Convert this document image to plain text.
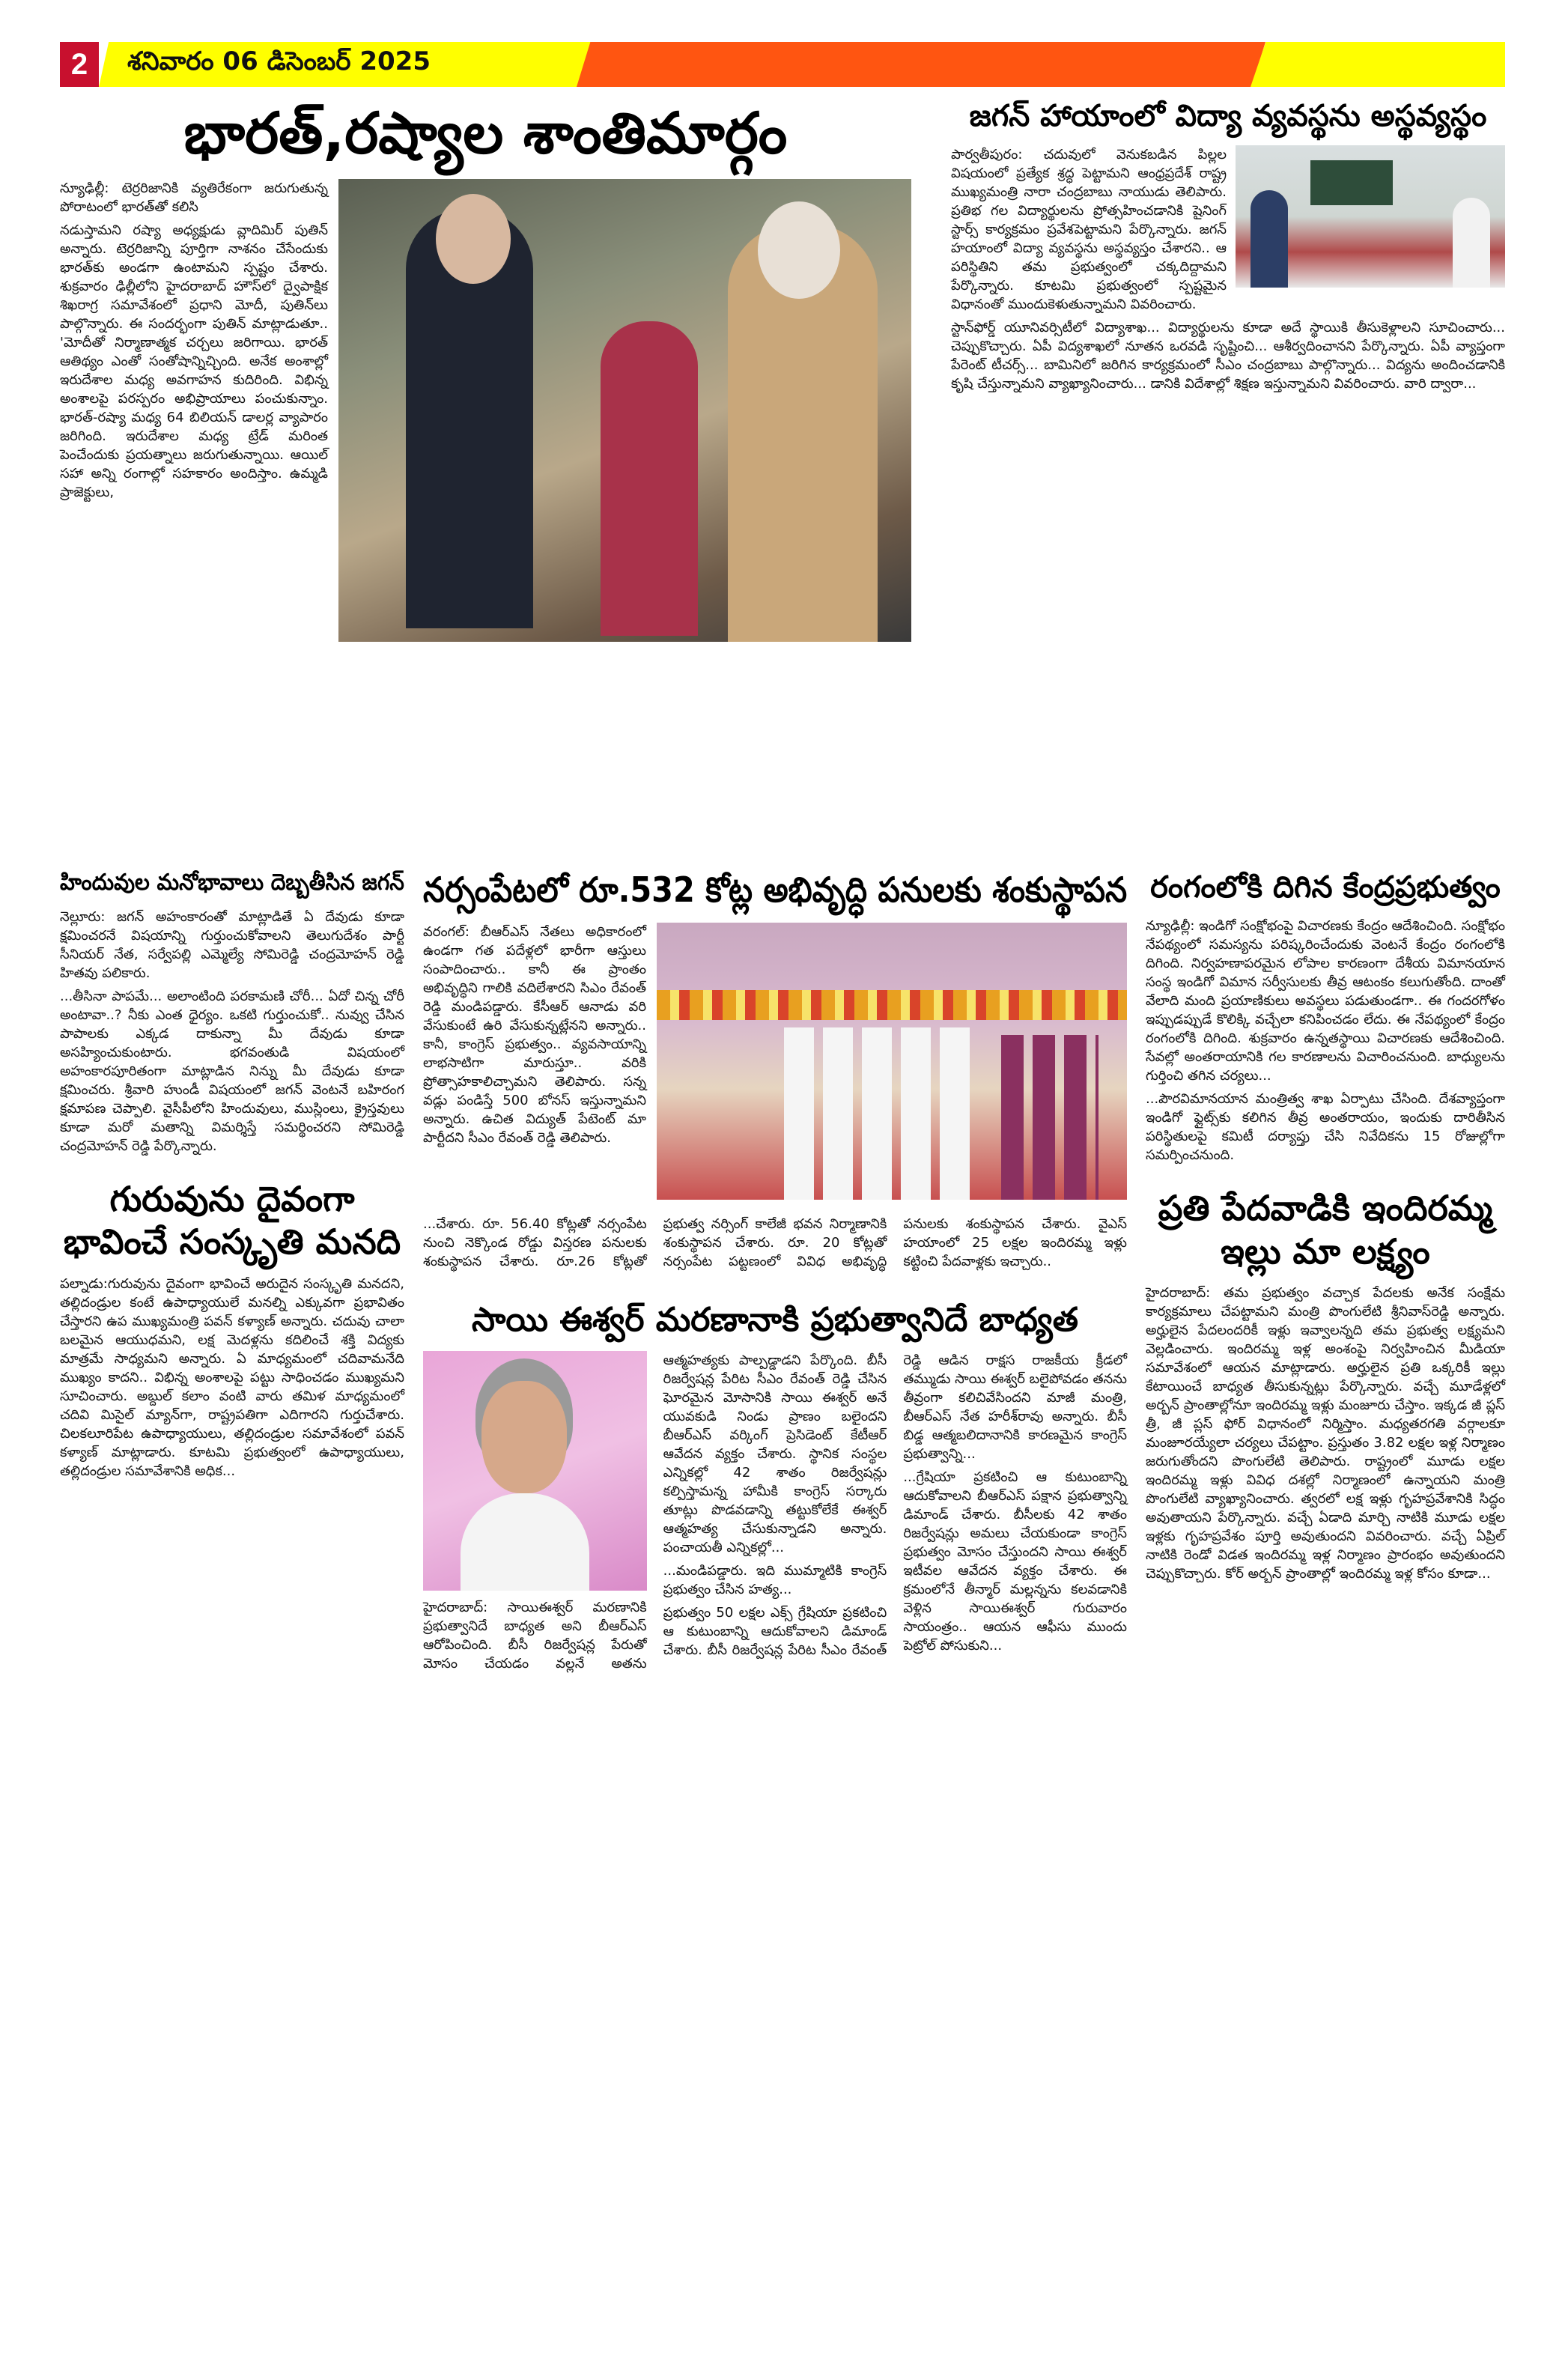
2	శనివారం 06 డిసెంబర్ 2025
భారత్,రష్యాల శాంతిమార్గం

న్యూఢిల్లీ: టెర్రరిజానికి వ్యతిరేకంగా జరుగుతున్న పోరాటంలో భారత్‌తో కలిసి

నడుస్తామని రష్యా అధ్యక్షుడు వ్లాదిమిర్ పుతిన్ అన్నారు. టెర్రరిజాన్ని పూర్తిగా నాశనం చేసేందుకు భారత్‌కు అండగా ఉంటామని స్పష్టం చేశారు. శుక్రవారం ఢిల్లీలోని హైదరాబాద్ హౌస్‌లో ద్వైపాక్షిక శిఖరాగ్ర సమావేశంలో ప్రధాని మోదీ, పుతిన్‌లు పాల్గొన్నారు. ఈ సందర్భంగా పుతిన్ మాట్లాడుతూ.. 'మోదీతో నిర్మాణాత్మక చర్చలు జరిగాయి. భారత్ ఆతిథ్యం ఎంతో సంతోషాన్నిచ్చింది. అనేక అంశాల్లో ఇరుదేశాల మధ్య అవగాహన కుదిరింది. విభిన్న అంశాలపై పరస్పరం అభిప్రాయాలు పంచుకున్నాం. భారత్-రష్యా మధ్య 64 బిలియన్ డాలర్ల వ్యాపారం జరిగింది. ఇరుదేశాల మధ్య ట్రేడ్ మరింత పెంచేందుకు ప్రయత్నాలు జరుగుతున్నాయి. ఆయిల్ సహా అన్ని రంగాల్లో సహకారం అందిస్తాం. ఉమ్మడి ప్రాజెక్టులు,

జగన్ హాయాంలో విద్యా వ్యవస్థను అస్థవ్యస్థం

పార్వతీపురం: చదువులో వెనుకబడిన పిల్లల విషయంలో ప్రత్యేక శ్రద్ధ పెట్టామని ఆంధ్రప్రదేశ్ రాష్ట్ర ముఖ్యమంత్రి నారా చంద్రబాబు నాయుడు తెలిపారు. ప్రతిభ గల విద్యార్థులను ప్రోత్సహించడానికి షైనింగ్ స్టార్స్ కార్యక్రమం ప్రవేశపెట్టామని పేర్కొన్నారు. జగన్ హయాంలో విద్యా వ్యవస్థను అస్థవ్యస్తం చేశారని.. ఆ పరిస్థితిని తమ ప్రభుత్వంలో చక్కదిద్దామని పేర్కొన్నారు. కూటమి ప్రభుత్వంలో స్పష్టమైన విధానంతో ముందుకెళుతున్నామని వివరించారు.

స్టాన్‌ఫోర్డ్ యూనివర్సిటీలో విద్యాశాఖ... విద్యార్థులను కూడా అదే స్థాయికి తీసుకెళ్లాలని సూచించారు... చెప్పుకొచ్చారు. ఏపీ విద్యశాఖలో నూతన ఒరవడి సృష్టించి... ఆశీర్వదించానని పేర్కొన్నారు. ఏపీ వ్యాప్తంగా పేరెంట్ టీచర్స్... బామినిలో జరిగిన కార్యక్రమంలో సీఎం చంద్రబాబు పాల్గొన్నారు... విద్యను అందించడానికి కృషి చేస్తున్నామని వ్యాఖ్యానించారు... డానికి విదేశాల్లో శిక్షణ ఇస్తున్నామని వివరించారు. వారి ద్వారా...

హిందువుల మనోభావాలు దెబ్బతీసిన జగన్

నెల్లూరు: జగన్ అహంకారంతో మాట్లాడితే ఏ దేవుడు కూడా క్షమించరనే విషయాన్ని గుర్తుంచుకోవాలని తెలుగుదేశం పార్టీ సీనియర్ నేత, సర్వేపల్లి ఎమ్మెల్యే సోమిరెడ్డి చంద్రమోహన్ రెడ్డి హితవు పలికారు.

...తీసినా పాపమే... అలాంటింది పరకామణి చోరీ... ఏదో చిన్న చోరీ అంటావా..? నీకు ఎంత ధైర్యం. ఒకటి గుర్తుంచుకో.. నువ్వు చేసిన పాపాలకు ఎక్కడ దాకున్నా మీ దేవుడు కూడా అసహ్యించుకుంటారు. భగవంతుడి విషయంలో అహంకారపూరితంగా మాట్లాడిన నిన్ను మీ దేవుడు కూడా క్షమించరు. శ్రీవారి హుండీ విషయంలో జగన్ వెంటనే బహిరంగ క్షమాపణ చెప్పాలి. వైసీపీలోని హిందువులు, ముస్లింలు, క్రైస్తవులు కూడా మరో మతాన్ని విమర్శిస్తే సమర్థించరని సోమిరెడ్డి చంద్రమోహన్ రెడ్డి పేర్కొన్నారు.

గురువును దైవంగా
భావించే సంస్కృతి మనది

పల్నాడు:గురువును దైవంగా భావించే అరుదైన సంస్కృతి మనదని, తల్లిదండ్రుల కంటే ఉపాధ్యాయులే మనల్ని ఎక్కువగా ప్రభావితం చేస్తారని ఉప ముఖ్యమంత్రి పవన్ కళ్యాణ్ అన్నారు. చదువు చాలా బలమైన ఆయుధమని, లక్ష మెదళ్లను కదిలించే శక్తి విద్యకు మాత్రమే సాధ్యమని అన్నారు. ఏ మాధ్యమంలో చదివామనేది ముఖ్యం కాదని.. విభిన్న అంశాలపై పట్టు సాధించడం ముఖ్యమని సూచించారు. అబ్దుల్ కలాం వంటి వారు తమిళ మాధ్యమంలో చదివి మిసైల్ మ్యాన్‌గా, రాష్ట్రపతిగా ఎదిగారని గుర్తుచేశారు. చిలకలూరిపేట ఉపాధ్యాయులు, తల్లిదండ్రుల సమావేశంలో పవన్ కళ్యాణ్ మాట్లాడారు. కూటమి ప్రభుత్వంలో ఉపాధ్యాయులు, తల్లిదండ్రుల సమావేశానికి అధిక...

నర్సంపేటలో రూ.532 కోట్ల అభివృద్ధి పనులకు శంకుస్థాపన

వరంగల్: బీఆర్ఎస్ నేతలు అధికారంలో ఉండగా గత పదేళ్లలో భారీగా ఆస్తులు సంపాదించారు.. కానీ ఈ ప్రాంతం అభివృద్ధిని గాలికి వదిలేశారని సిఎం రేవంత్ రెడ్డి మండిపడ్డారు. కేసీఆర్ ఆనాడు వరి వేసుకుంటే ఉరి వేసుకున్నట్లేనని అన్నారు.. కానీ, కాంగ్రెస్ ప్రభుత్వం.. వ్యవసాయాన్ని లాభసాటిగా మారుస్తూ.. వరికి ప్రోత్సాహకాలిచ్చామని తెలిపారు. సన్న వడ్లు పండిస్తే 500 బోనస్ ఇస్తున్నామని అన్నారు. ఉచిత విద్యుత్ పేటెంట్ మా పార్టీదని సీఎం రేవంత్ రెడ్డి తెలిపారు.

...చేశారు. రూ. 56.40 కోట్లతో నర్సంపేట నుంచి నెక్కొండ రోడ్డు విస్తరణ పనులకు శంకుస్థాపన చేశారు. రూ.26 కోట్లతో ప్రభుత్వ నర్సింగ్ కాలేజీ భవన నిర్మాణానికి శంకుస్థాపన చేశారు. రూ. 20 కోట్లతో నర్సంపేట పట్టణంలో వివిధ అభివృద్ధి పనులకు శంకుస్థాపన చేశారు. వైఎస్ హయాంలో 25 లక్షల ఇందిరమ్మ ఇళ్లు కట్టించి పేదవాళ్లకు ఇచ్చారు..

సాయి ఈశ్వర్ మరణానాకి ప్రభుత్వానిదే బాధ్యత

హైదరాబాద్: సాయిఈశ్వర్ మరణానికి ప్రభుత్వానిదే బాధ్యత అని బీఆర్ఎస్ ఆరోపించింది. బీసీ రిజర్వేషన్ల పేరుతో మోసం చేయడం వల్లనే అతను ఆత్మహత్యకు పాల్పడ్డాడని పేర్కొంది. బీసీ రిజర్వేషన్ల పేరిట సీఎం రేవంత్ రెడ్డి చేసిన ఘోరమైన మోసానికి సాయి ఈశ్వర్ అనే యువకుడి నిండు ప్రాణం బలైందని బీఆర్ఎస్ వర్కింగ్ ప్రెసిడెంట్ కేటీఆర్ ఆవేదన వ్యక్తం చేశారు. స్థానిక సంస్థల ఎన్నికల్లో 42 శాతం రిజర్వేషన్లు కల్పిస్తామన్న హామీకి కాంగ్రెస్ సర్కారు తూట్లు పొడవడాన్ని తట్టుకోలేకే ఈశ్వర్ ఆత్మహత్య చేసుకున్నాడని అన్నారు. పంచాయతీ ఎన్నికల్లో...

...మండిపడ్డారు. ఇది ముమ్మాటికి కాంగ్రెస్ ప్రభుత్వం చేసిన హత్య...

ప్రభుత్వం 50 లక్షల ఎక్స్ గ్రేషియా ప్రకటించి ఆ కుటుంబాన్ని ఆదుకోవాలని డిమాండ్ చేశారు. బీసీ రిజర్వేషన్ల పేరిట సీఎం రేవంత్ రెడ్డి ఆడిన రాక్షస రాజకీయ క్రీడలో తమ్ముడు సాయి ఈశ్వర్ బలైపోవడం తనను తీవ్రంగా కలిచివేసిందని మాజీ మంత్రి, బీఆర్ఎస్ నేత హరీశ్‌రావు అన్నారు. బీసీ బిడ్డ ఆత్మబలిదానానికి కారణమైన కాంగ్రెస్ ప్రభుత్వాన్ని...

...గ్రేషియా ప్రకటించి ఆ కుటుంబాన్ని ఆదుకోవాలని బీఆర్ఎస్ పక్షాన ప్రభుత్వాన్ని డిమాండ్ చేశారు. బీసీలకు 42 శాతం రిజర్వేషన్లు అమలు చేయకుండా కాంగ్రెస్ ప్రభుత్వం మోసం చేస్తుందని సాయి ఈశ్వర్ ఇటీవల ఆవేదన వ్యక్తం చేశారు. ఈ క్రమంలోనే తీన్మార్ మల్లన్నను కలవడానికి వెళ్లిన సాయిఈశ్వర్ గురువారం సాయంత్రం.. ఆయన ఆఫీసు ముందు పెట్రోల్ పోసుకుని...

రంగంలోకి దిగిన కేంద్రప్రభుత్వం

న్యూఢిల్లీ: ఇండిగో సంక్షోభంపై విచారణకు కేంద్రం ఆదేశించింది. సంక్షోభం నేపథ్యంలో సమస్యను పరిష్కరించేందుకు వెంటనే కేంద్రం రంగంలోకి దిగింది. నిర్వహణాపరమైన లోపాల కారణంగా దేశీయ విమానయాన సంస్థ ఇండిగో విమాన సర్వీసులకు తీవ్ర ఆటంకం కలుగుతోంది. దాంతో వేలాది మంది ప్రయాణికులు అవస్థలు పడుతుండగా.. ఈ గందరగోళం ఇప్పుడప్పుడే కొలిక్కి వచ్చేలా కనిపించడం లేదు. ఈ నేపథ్యంలో కేంద్రం రంగంలోకి దిగింది. శుక్రవారం ఉన్నతస్థాయి విచారణకు ఆదేశించింది. సేవల్లో అంతరాయానికి గల కారణాలను విచారించనుంది. బాధ్యులను గుర్తించి తగిన చర్యలు...

...పౌరవిమానయాన మంత్రిత్వ శాఖ ఏర్పాటు చేసింది. దేశవ్యాప్తంగా ఇండిగో ఫ్లైట్స్‌కు కలిగిన తీవ్ర అంతరాయం, ఇందుకు దారితీసిన పరిస్థితులపై కమిటీ దర్యాప్తు చేసి నివేదికను 15 రోజుల్లోగా సమర్పించనుంది.

ప్రతి పేదవాడికి ఇందిరమ్మ
ఇల్లు మా లక్ష్యం

హైదరాబాద్: తమ ప్రభుత్వం వచ్చాక పేదలకు అనేక సంక్షేమ కార్యక్రమాలు చేపట్టామని మంత్రి పొంగులేటి శ్రీనివాస్‌రెడ్డి అన్నారు. అర్హులైన పేదలందరికీ ఇళ్లు ఇవ్వాలన్నది తమ ప్రభుత్వ లక్ష్యమని వెల్లడించారు. ఇందిరమ్మ ఇళ్ల అంశంపై నిర్వహించిన మీడియా సమావేశంలో ఆయన మాట్లాడారు. అర్హులైన ప్రతి ఒక్కరికీ ఇల్లు కేటాయించే బాధ్యత తీసుకున్నట్లు పేర్కొన్నారు. వచ్చే మూడేళ్లలో అర్బన్ ప్రాంతాల్లోనూ ఇందిరమ్మ ఇళ్లు మంజూరు చేస్తాం. ఇక్కడ జీ ప్లస్ త్రీ, జీ ప్లస్ ఫోర్ విధానంలో నిర్మిస్తాం. మధ్యతరగతి వర్గాలకూ మంజూరయ్యేలా చర్యలు చేపట్టాం. ప్రస్తుతం 3.82 లక్షల ఇళ్ల నిర్మాణం జరుగుతోందని పొంగులేటి తెలిపారు. రాష్ట్రంలో మూడు లక్షల ఇందిరమ్మ ఇళ్లు వివిధ దశల్లో నిర్మాణంలో ఉన్నాయని మంత్రి పొంగులేటి వ్యాఖ్యానించారు. త్వరలో లక్ష ఇళ్లు గృహప్రవేశానికి సిద్ధం అవుతాయని పేర్కొన్నారు. వచ్చే ఏడాది మార్చి నాటికి మూడు లక్షల ఇళ్లకు గృహప్రవేశం పూర్తి అవుతుందని వివరించారు. వచ్చే ఏప్రిల్ నాటికి రెండో విడత ఇందిరమ్మ ఇళ్ల నిర్మాణం ప్రారంభం అవుతుందని చెప్పుకొచ్చారు. కోర్ అర్బన్ ప్రాంతాల్లో ఇందిరమ్మ ఇళ్ల కోసం కూడా...
